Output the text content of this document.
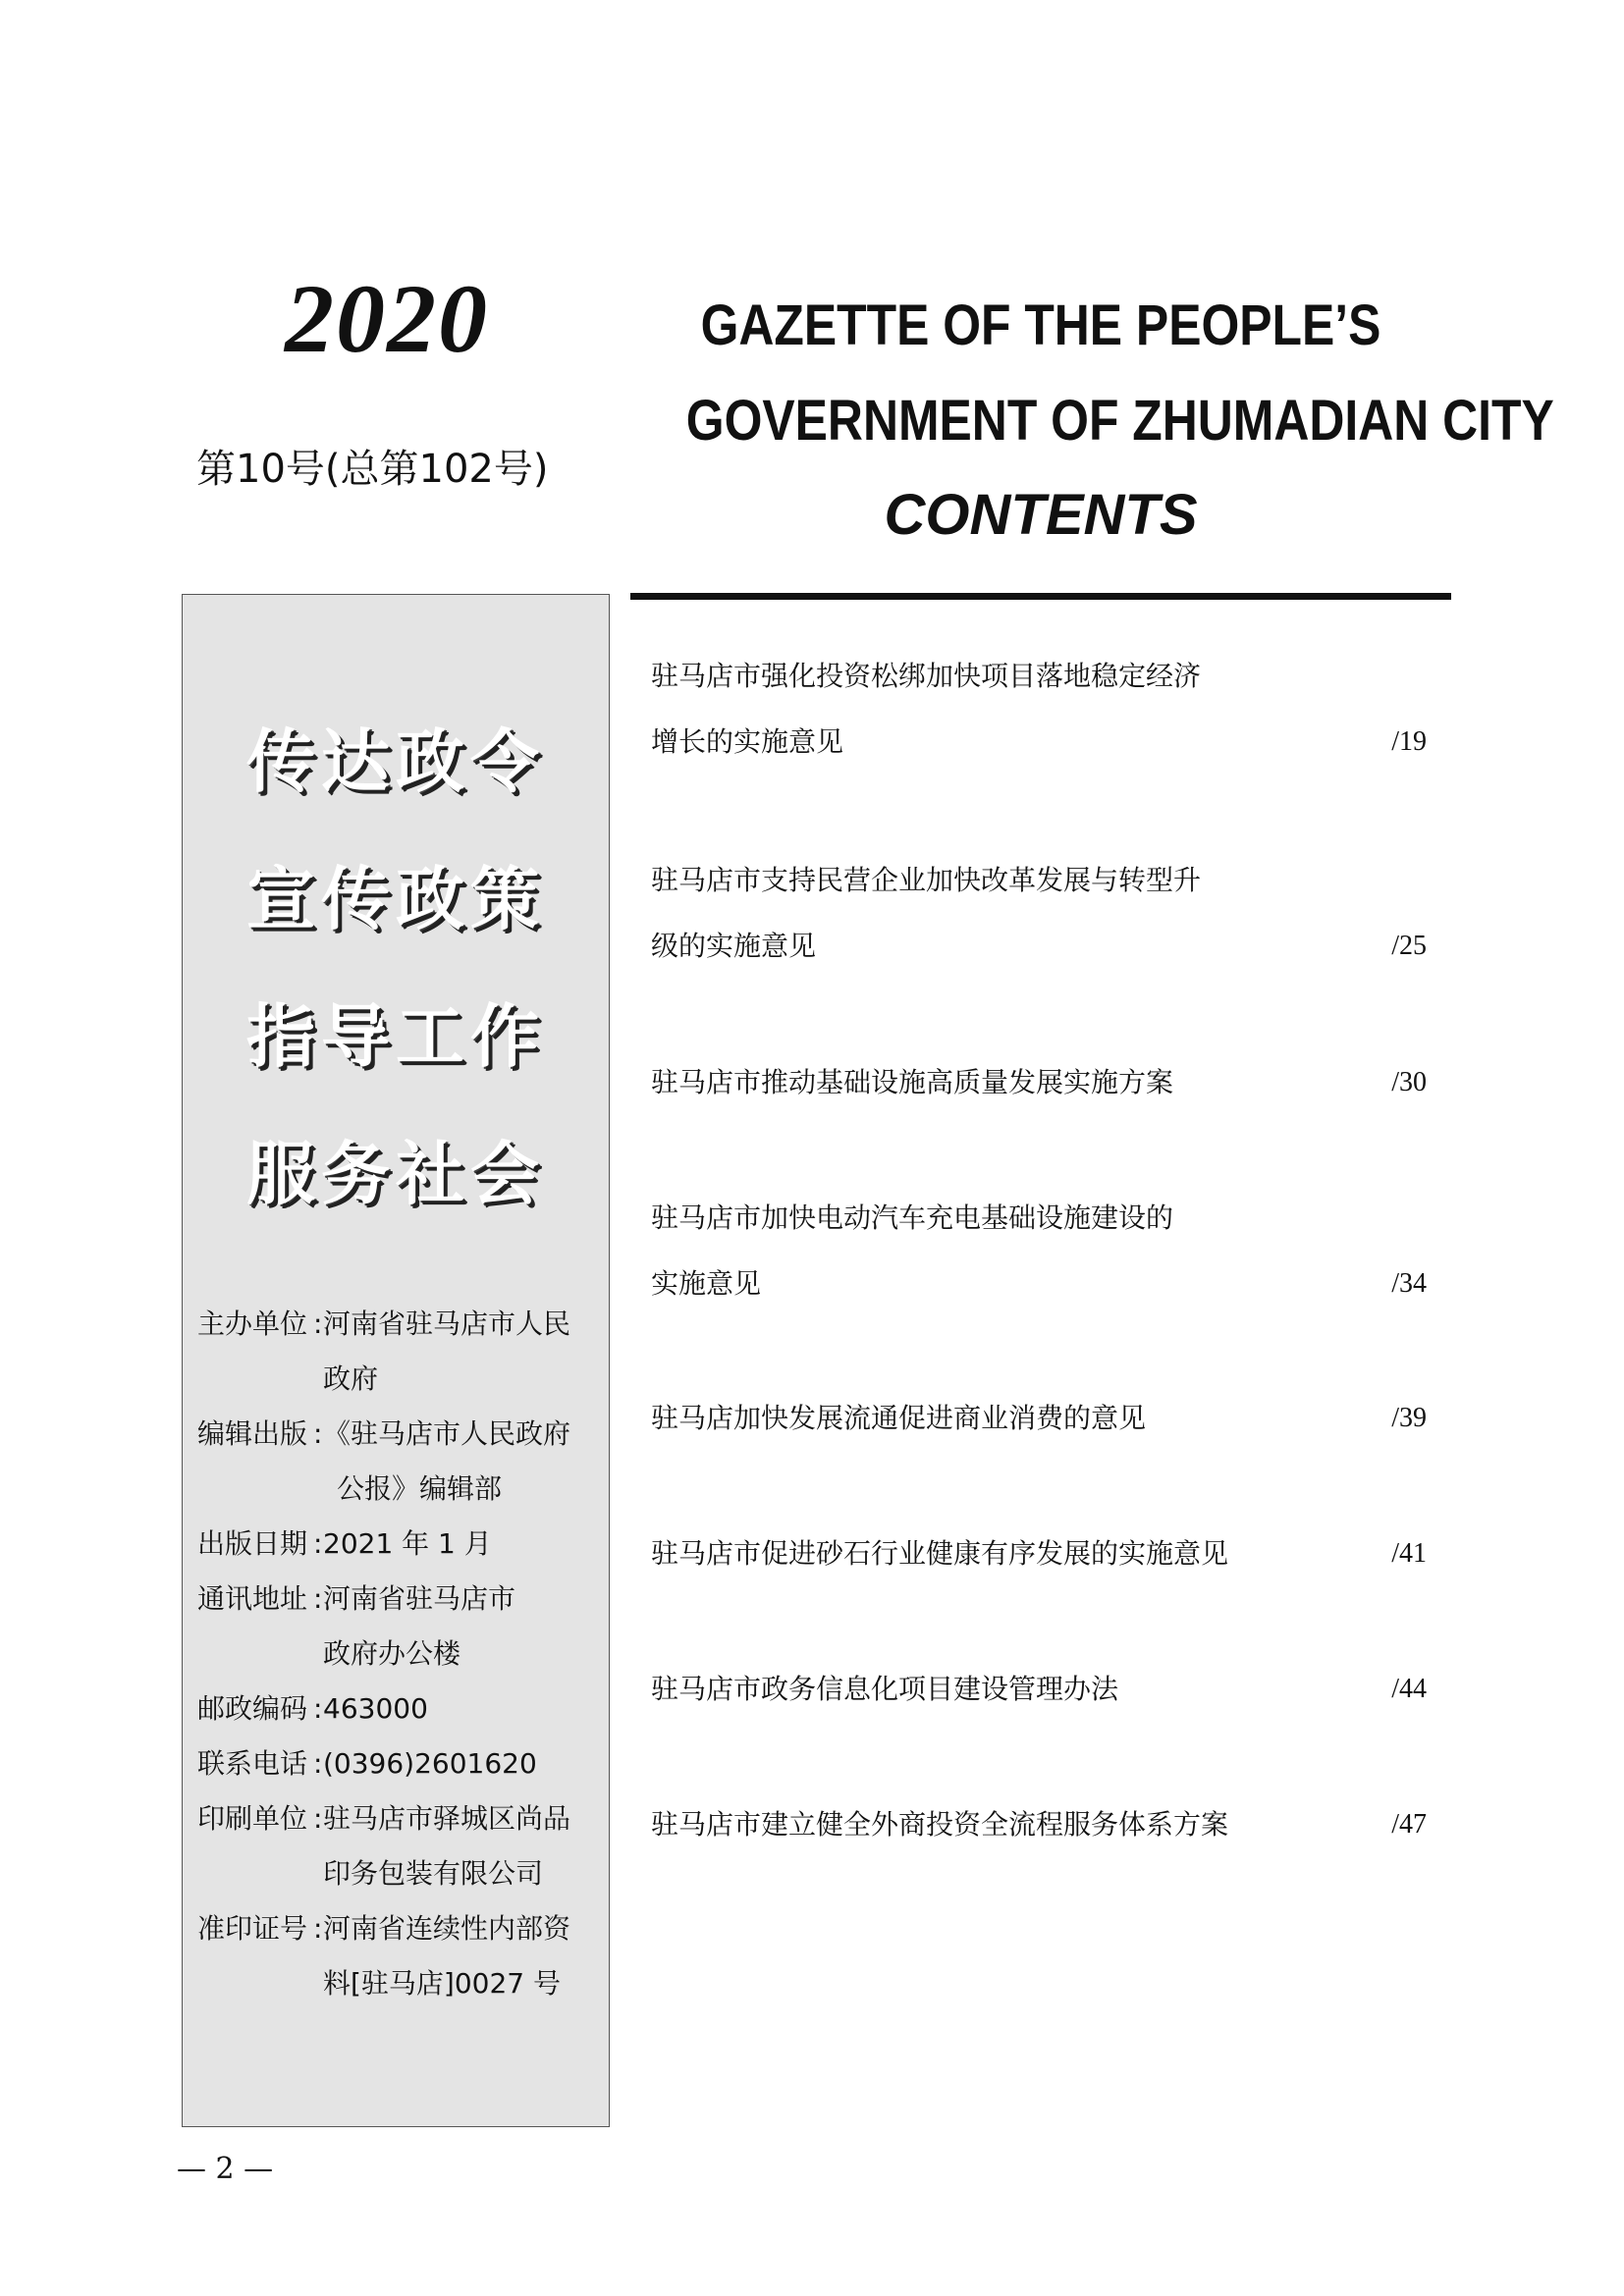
2020
第10号(总第102号)
GAZETTE OF THE PEOPLE’S
GOVERNMENT OF ZHUMADIAN CITY
CONTENTS
传达政令
宣传政策
指导工作
服务社会
主办单位 : 河南省驻马店市人民
政府
编辑出版 : 《驻马店市人民政府
公报》编辑部
出版日期 : 2021 年 1 月
通讯地址 : 河南省驻马店市
政府办公楼
邮政编码 : 463000
联系电话 : (0396)2601620
印刷单位 : 驻马店市驿城区尚品
印务包装有限公司
准印证号 : 河南省连续性内部资
料[驻马店]0027 号
驻马店市强化投资松绑加快项目落地稳定经济
增长的实施意见	/19
驻马店市支持民营企业加快改革发展与转型升
级的实施意见	/25
驻马店市推动基础设施高质量发展实施方案	/30
驻马店市加快电动汽车充电基础设施建设的
实施意见	/34
驻马店加快发展流通促进商业消费的意见	/39
驻马店市促进砂石行业健康有序发展的实施意见	/41
驻马店市政务信息化项目建设管理办法	/44
驻马店市建立健全外商投资全流程服务体系方案	/47
— 2 —
